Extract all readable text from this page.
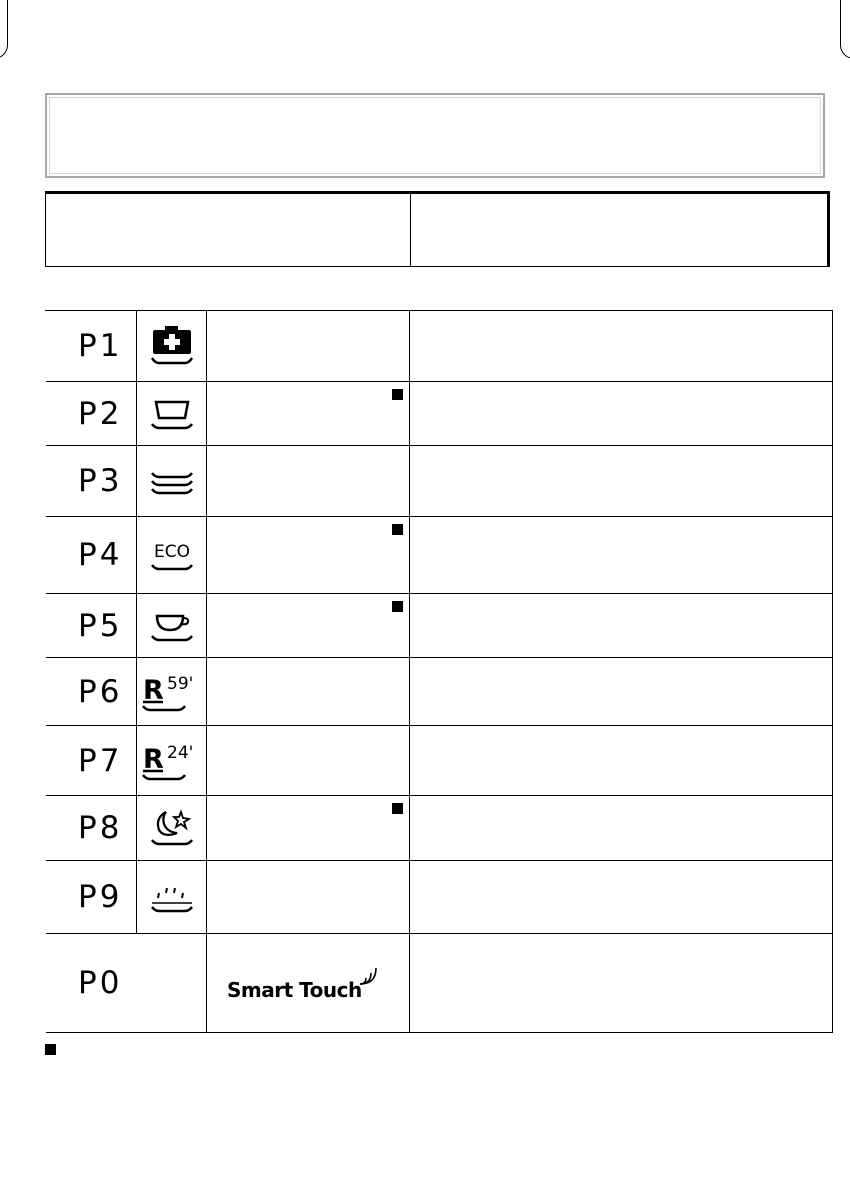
P1
P2
P3
P4 ECO
P5
P6 R 59'
P7 R 24'
P8
P9
P0	Smart Touch
